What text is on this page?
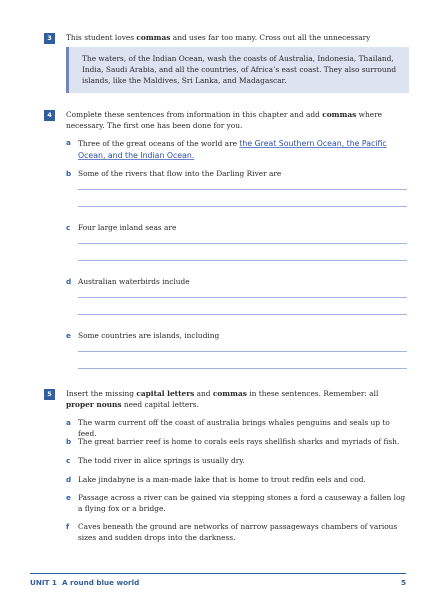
3	This student loves commas and uses far too many. Cross out all the unnecessary
The waters, of the Indian Ocean, wash the coasts of Australia, Indonesia, Thailand, India, Saudi Arabia, and all the countries, of Africa’s east coast. They also surround islands, like the Maldives, Sri Lanka, and Madagascar.
4	Complete these sentences from information in this chapter and add commas where necessary. The first one has been done for you.
a Three of the great oceans of the world are the Great Southern Ocean, the Pacific Ocean, and the Indian Ocean.
b Some of the rivers that flow into the Darling River are
c Four large inland seas are
d Australian waterbirds include
e Some countries are islands, including
5	Insert the missing capital letters and commas in these sentences. Remember: all proper nouns need capital letters.
a The warm current off the coast of australia brings whales penguins and seals up to feed.
b The great barrier reef is home to corals eels rays shellfish sharks and myriads of fish.
c The todd river in alice springs is usually dry.
d Lake jindabyne is a man-made lake that is home to trout redfin eels and cod.
e Passage across a river can be gained via stepping stones a ford a causeway a fallen log a flying fox or a bridge.
f Caves beneath the ground are networks of narrow passageways chambers of various sizes and sudden drops into the darkness.
UNIT 1 A round blue world	5
